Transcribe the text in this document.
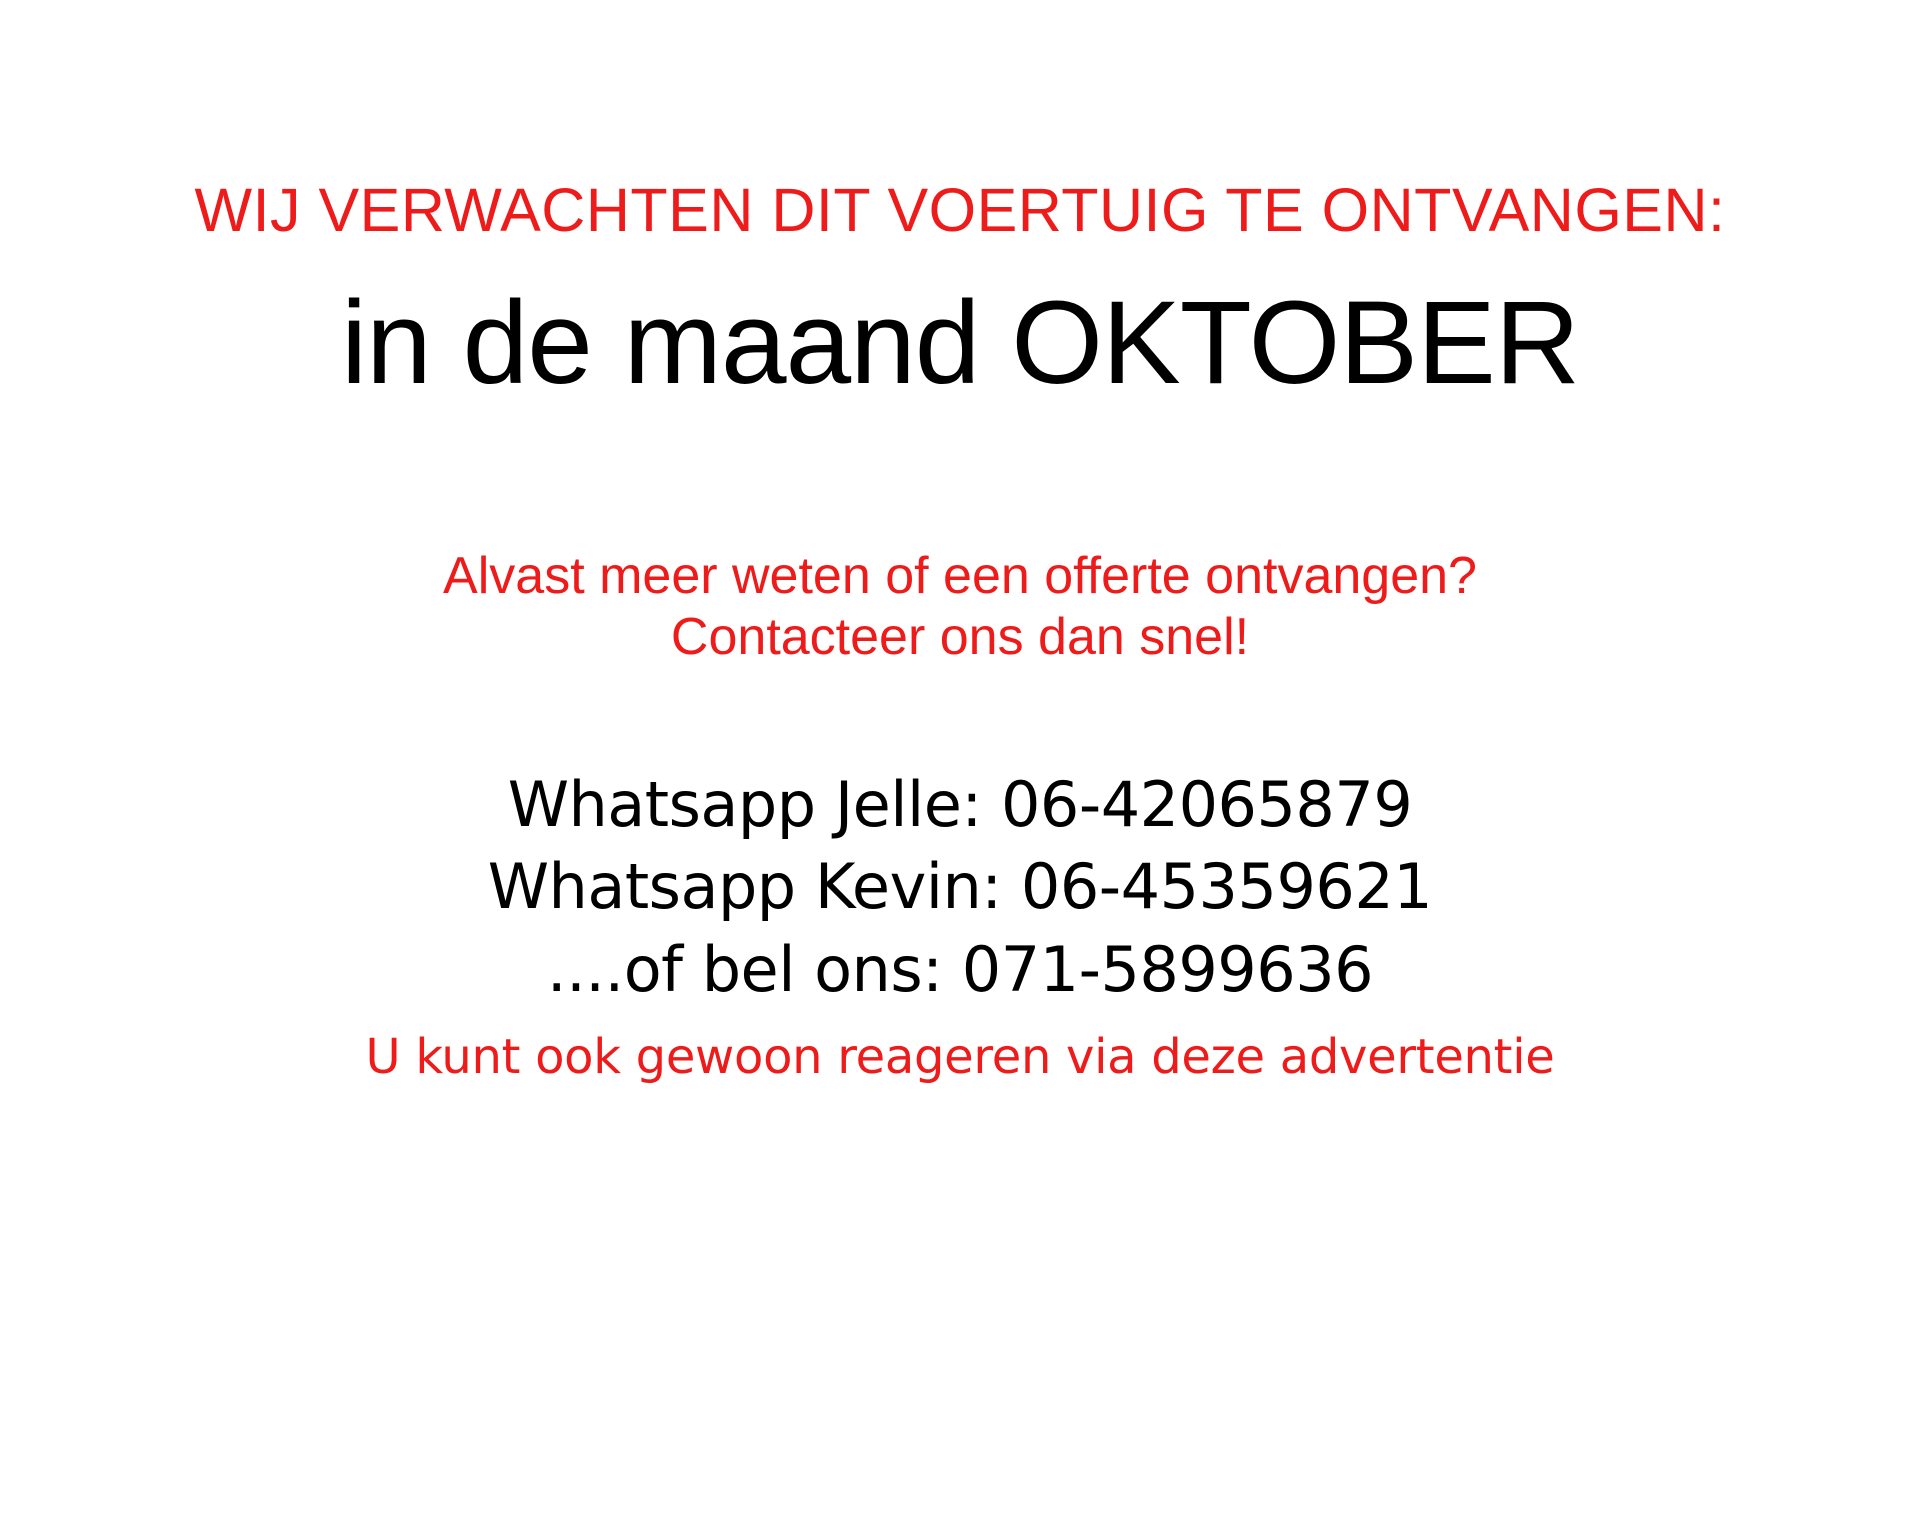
WIJ VERWACHTEN DIT VOERTUIG TE ONTVANGEN:
in de maand OKTOBER
Alvast meer weten of een offerte ontvangen?
Contacteer ons dan snel!
Whatsapp Jelle: 06-42065879
Whatsapp Kevin: 06-45359621
....of bel ons: 071-5899636
U kunt ook gewoon reageren via deze advertentie
